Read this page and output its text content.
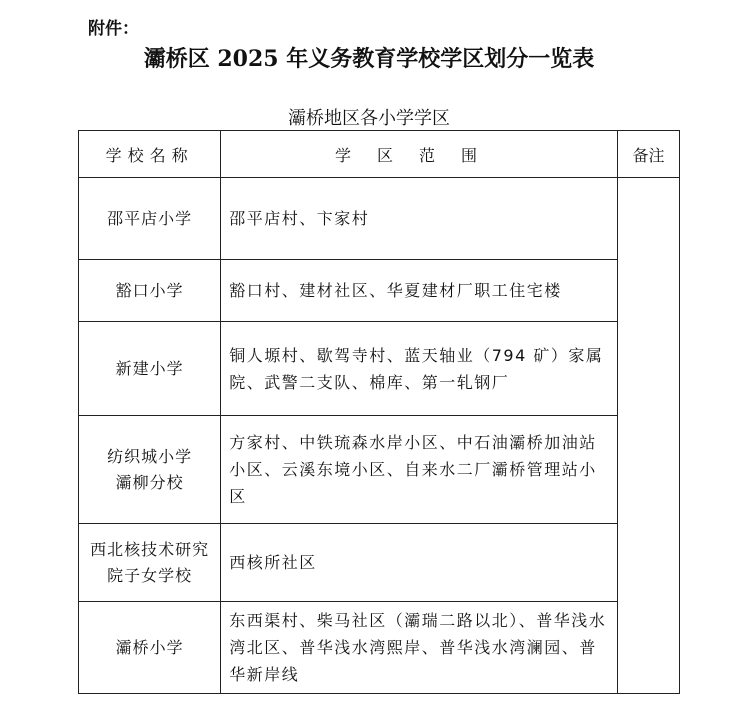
附件：
灞桥区 2025 年义务教育学校学区划分一览表
灞桥地区各小学学区
学校名称	学区范围	备注
邵平店小学	邵平店村、卞家村	
豁口小学	豁口村、建材社区、华夏建材厂职工住宅楼	
新建小学	铜人塬村、歇驾寺村、蓝天轴业（794 矿）家属院、武警二支队、棉库、第一轧钢厂	
纺织城小学灞柳分校	方家村、中铁琉森水岸小区、中石油灞桥加油站小区、云溪东境小区、自来水二厂灞桥管理站小区	
西北核技术研究院子女学校	西核所社区	
灞桥小学	东西渠村、柴马社区（灞瑞二路以北）、普华浅水湾北区、普华浅水湾熙岸、普华浅水湾澜园、普华新岸线	
